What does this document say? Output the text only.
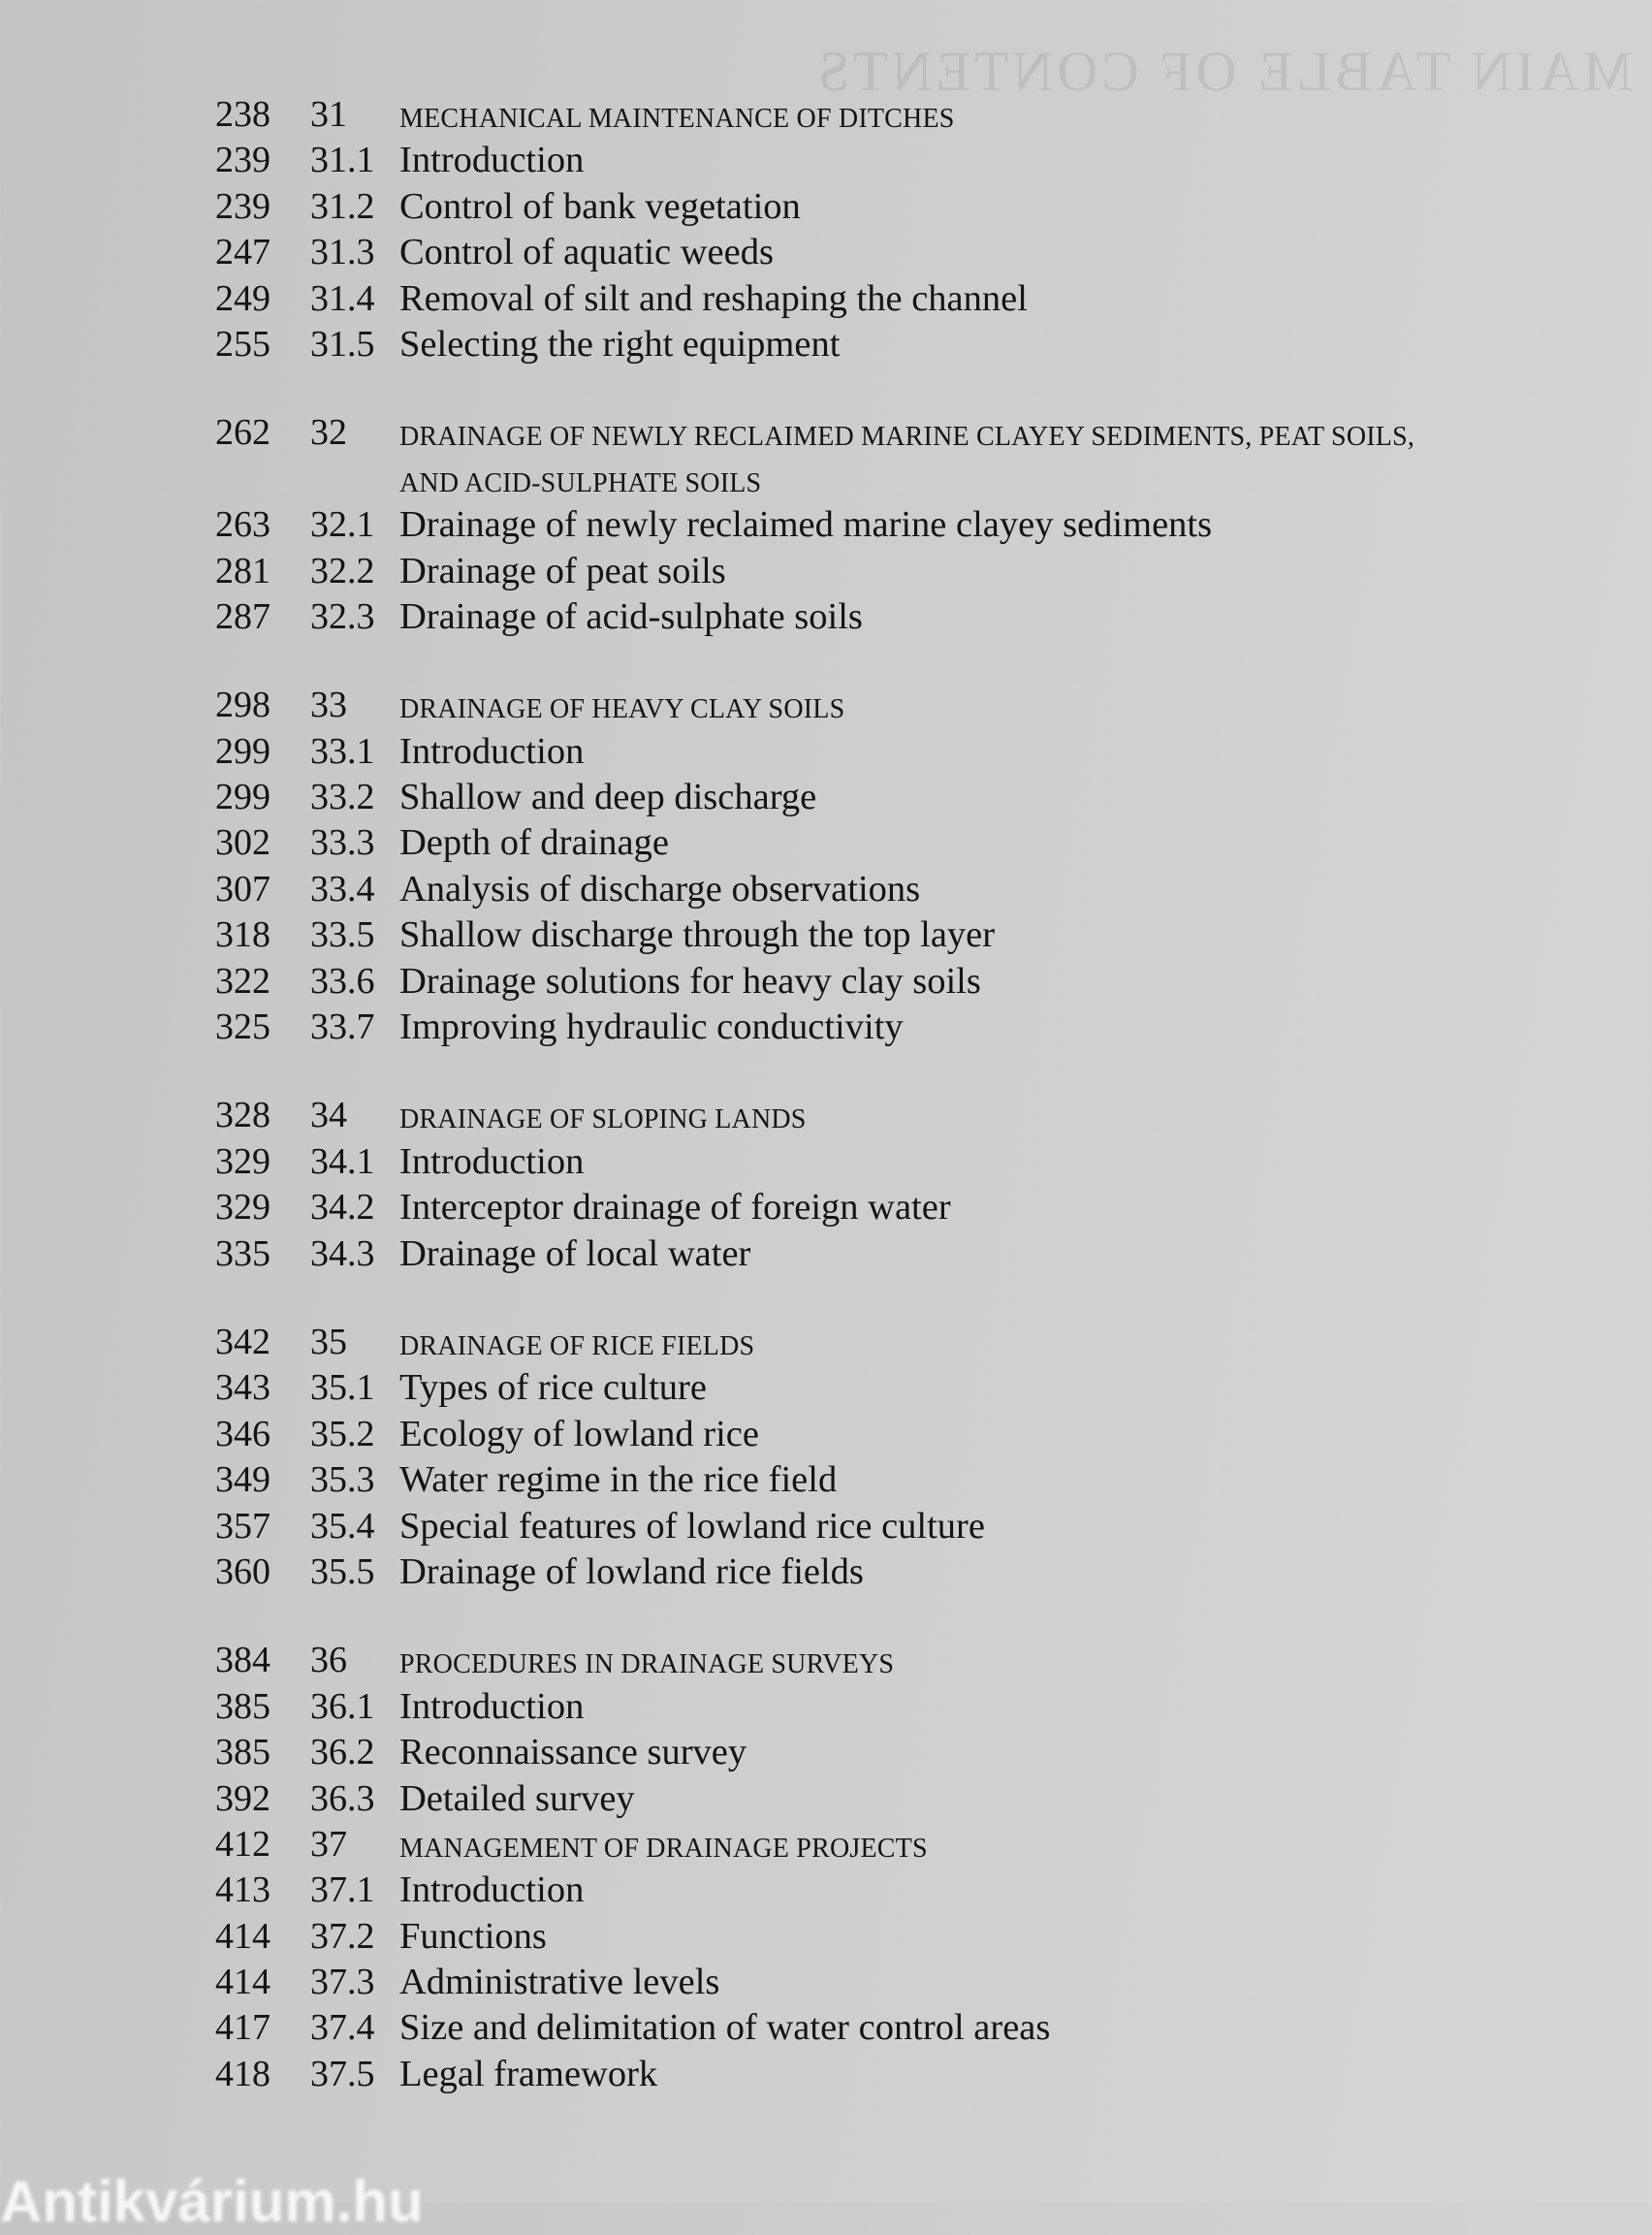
MAIN TABLE OF CONTENTS
238 31 MECHANICAL MAINTENANCE OF DITCHES
239 31.1 Introduction
239 31.2 Control of bank vegetation
247 31.3 Control of aquatic weeds
249 31.4 Removal of silt and reshaping the channel
255 31.5 Selecting the right equipment
262 32 DRAINAGE OF NEWLY RECLAIMED MARINE CLAYEY SEDIMENTS, PEAT SOILS,
AND ACID-SULPHATE SOILS
263 32.1 Drainage of newly reclaimed marine clayey sediments
281 32.2 Drainage of peat soils
287 32.3 Drainage of acid-sulphate soils
298 33 DRAINAGE OF HEAVY CLAY SOILS
299 33.1 Introduction
299 33.2 Shallow and deep discharge
302 33.3 Depth of drainage
307 33.4 Analysis of discharge observations
318 33.5 Shallow discharge through the top layer
322 33.6 Drainage solutions for heavy clay soils
325 33.7 Improving hydraulic conductivity
328 34 DRAINAGE OF SLOPING LANDS
329 34.1 Introduction
329 34.2 Interceptor drainage of foreign water
335 34.3 Drainage of local water
342 35 DRAINAGE OF RICE FIELDS
343 35.1 Types of rice culture
346 35.2 Ecology of lowland rice
349 35.3 Water regime in the rice field
357 35.4 Special features of lowland rice culture
360 35.5 Drainage of lowland rice fields
384 36 PROCEDURES IN DRAINAGE SURVEYS
385 36.1 Introduction
385 36.2 Reconnaissance survey
392 36.3 Detailed survey
412 37 MANAGEMENT OF DRAINAGE PROJECTS
413 37.1 Introduction
414 37.2 Functions
414 37.3 Administrative levels
417 37.4 Size and delimitation of water control areas
418 37.5 Legal framework
Antikvárium.hu
